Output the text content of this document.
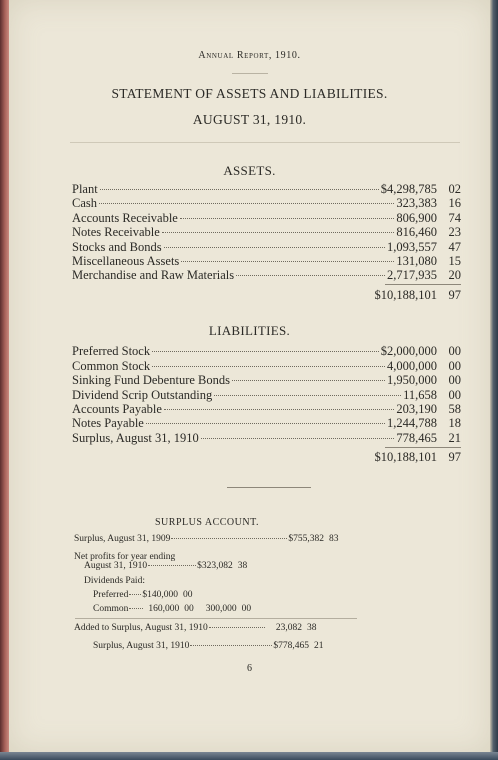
Annual Report, 1910.
STATEMENT OF ASSETS AND LIABILITIES.
AUGUST 31, 1910.
ASSETS.
Plant	$4,298,785 02
Cash	323,383 16
Accounts Receivable	806,900 74
Notes Receivable	816,460 23
Stocks and Bonds	1,093,557 47
Miscellaneous Assets	131,080 15
Merchandise and Raw Materials	2,717,935 20
$10,188,101 97
LIABILITIES.
Preferred Stock	$2,000,000 00
Common Stock	4,000,000 00
Sinking Fund Debenture Bonds	1,950,000 00
Dividend Scrip Outstanding	11,658 00
Accounts Payable	203,190 58
Notes Payable	1,244,788 18
Surplus, August 31, 1910	778,465 21
$10,188,101 97
SURPLUS ACCOUNT.
Surplus, August 31, 1909	$755,382 83
Net profits for year ending
August 31, 1910	$323,082 38
Dividends Paid:
Preferred $140,000 00
Common 160,000 00 300,000 00
Added to Surplus, August 31, 1910	23,082 38
Surplus, August 31, 1910	$778,465 21
6
